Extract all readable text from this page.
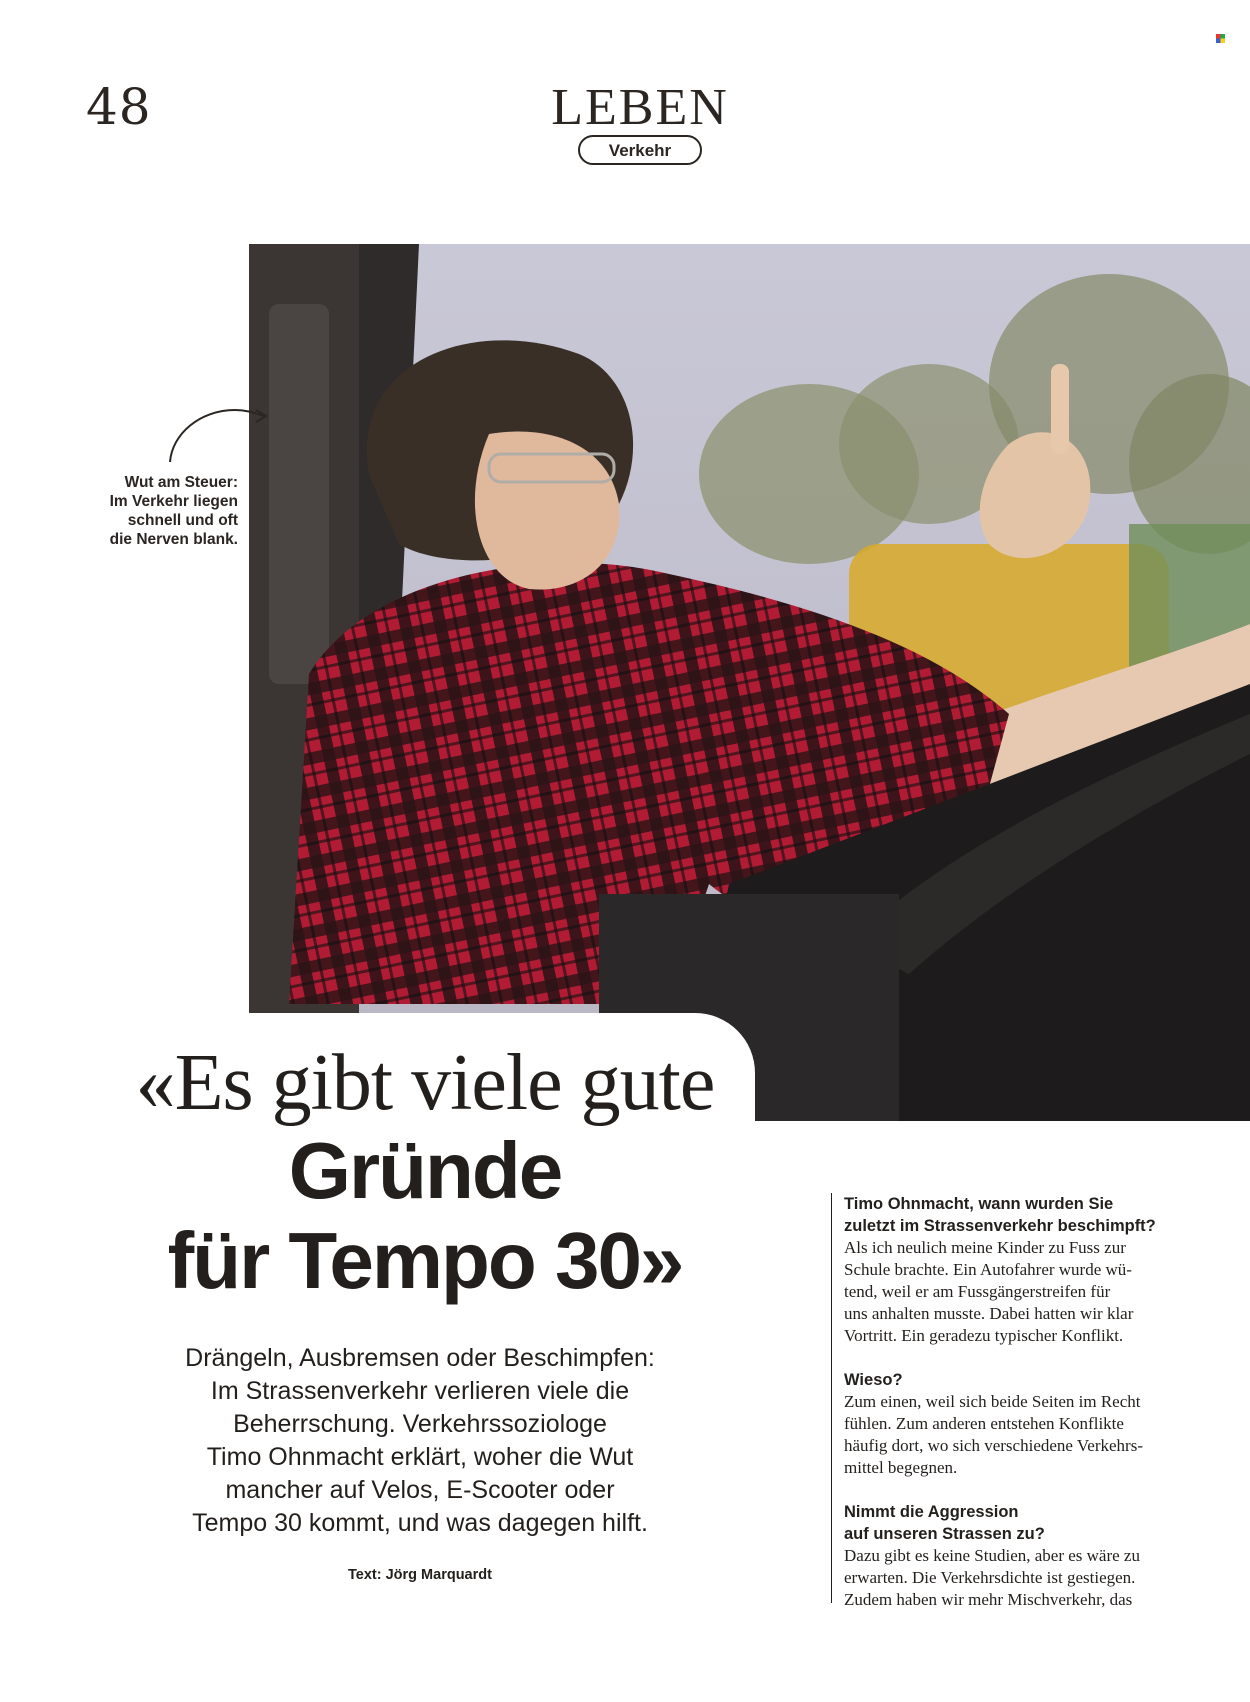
48	LEBEN
Verkehr
Wut am Steuer:
Im Verkehr liegen
schnell und oft
die Nerven blank.
«Es gibt viele gute
Gründe
für Tempo 30»
Drängeln, Ausbremsen oder Beschimpfen:
Im Strassenverkehr verlieren viele die
Beherrschung. Verkehrssoziologe
Timo Ohnmacht erklärt, woher die Wut
mancher auf Velos, E-Scooter oder
Tempo 30 kommt, und was dagegen hilft.
Text: Jörg Marquardt
Timo Ohnmacht, wann wurden Sie
zuletzt im Strassenverkehr beschimpft?
Als ich neulich meine Kinder zu Fuss zur
Schule brachte. Ein Autofahrer wurde wü-
tend, weil er am Fussgängerstreifen für
uns anhalten musste. Dabei hatten wir klar
Vortritt. Ein geradezu typischer Konflikt.
Wieso?
Zum einen, weil sich beide Seiten im Recht
fühlen. Zum anderen entstehen Konflikte
häufig dort, wo sich verschiedene Verkehrs-
mittel begegnen.
Nimmt die Aggression
auf unseren Strassen zu?
Dazu gibt es keine Studien, aber es wäre zu
erwarten. Die Verkehrsdichte ist gestiegen.
Zudem haben wir mehr Mischverkehr, das
